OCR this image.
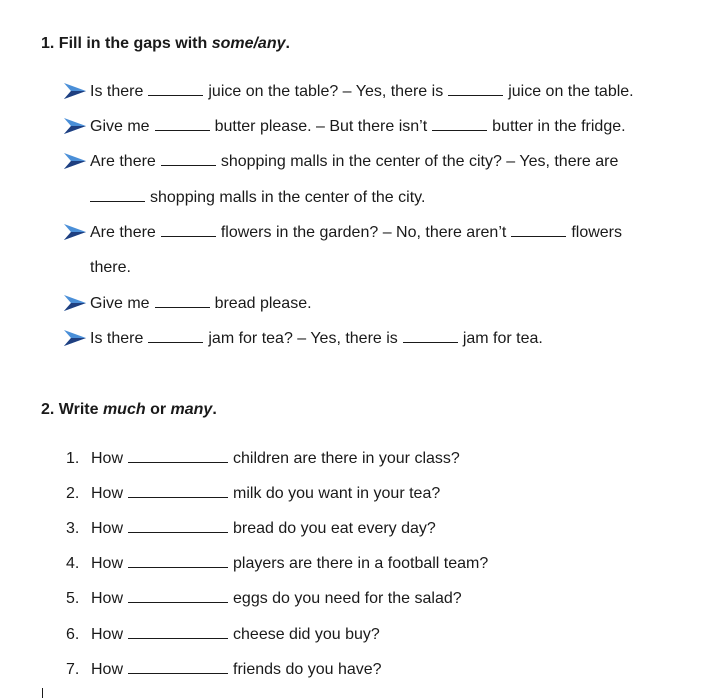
1. Fill in the gaps with some/any.
Is there	juice on the table? – Yes, there is	juice on the table.
Give me	butter please. – But there isn’t	butter in the fridge.
Are there	shopping malls in the center of the city? – Yes, there are
shopping malls in the center of the city.
Are there	flowers in the garden? – No, there aren’t	flowers
there.
Give me	bread please.
Is there	jam for tea? – Yes, there is	jam for tea.
2. Write much or many.
1. How	children are there in your class?
2. How	milk do you want in your tea?
3. How	bread do you eat every day?
4. How	players are there in a football team?
5. How	eggs do you need for the salad?
6. How	cheese did you buy?
7. How	friends do you have?
